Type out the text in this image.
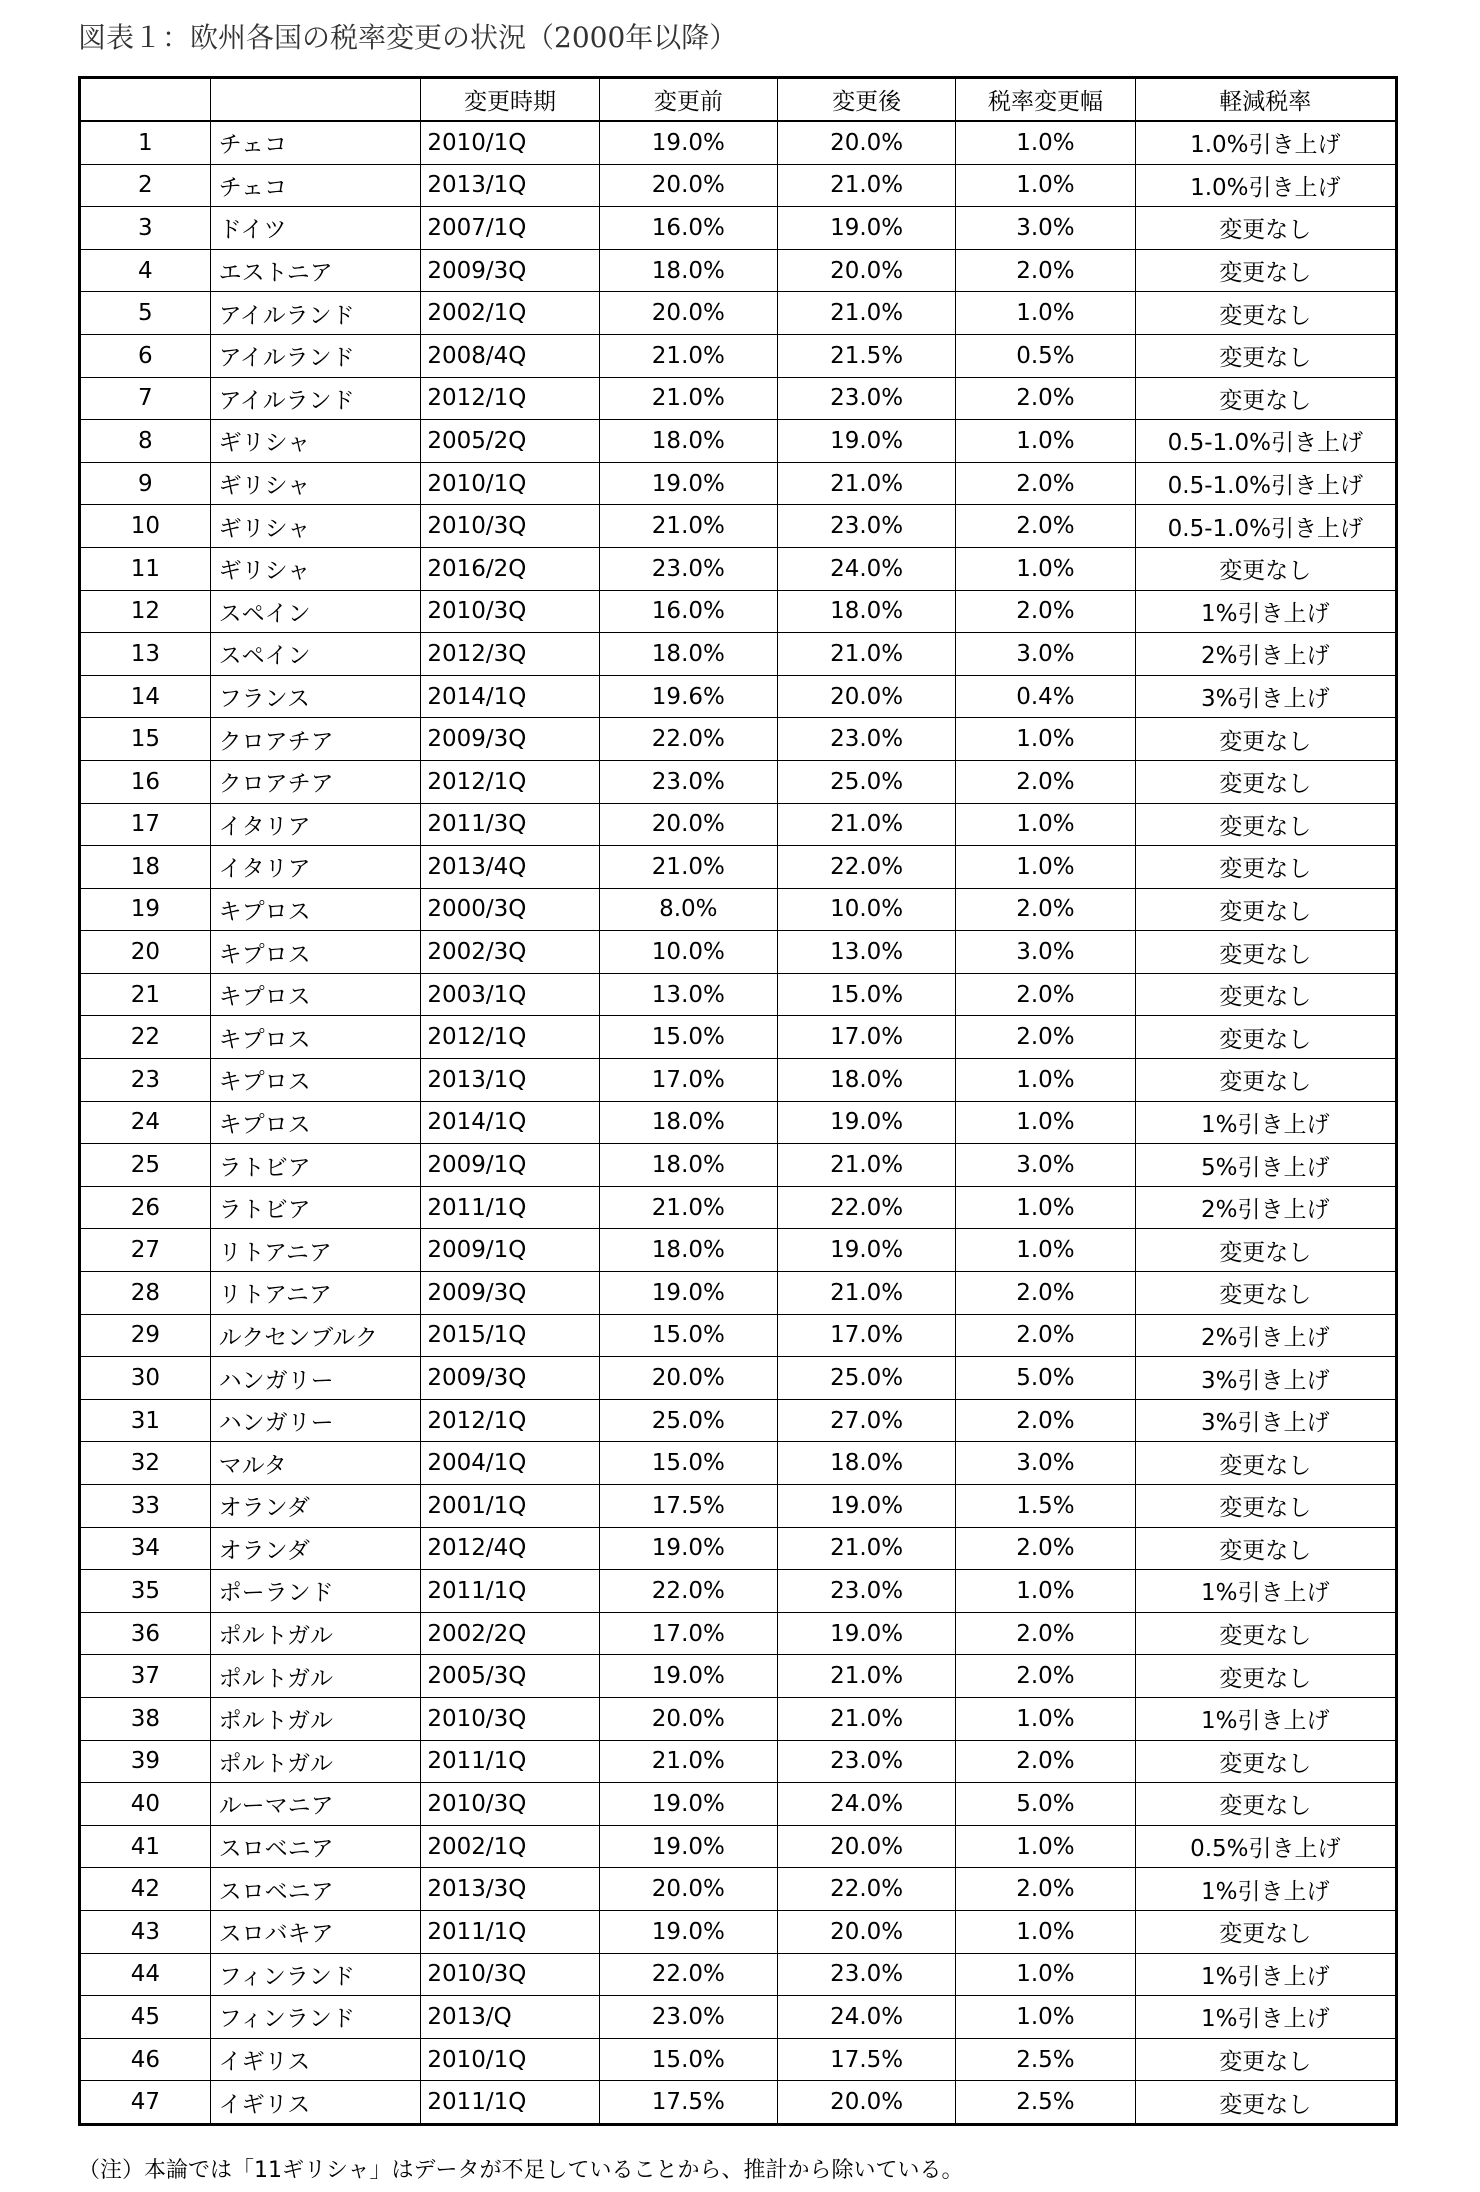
図表１：欧州各国の税率変更の状況（2000年以降）
		変更時期	変更前	変更後	税率変更幅	軽減税率
1	チェコ	2010/1Q	19.0%	20.0%	1.0%	1.0%引き上げ
2	チェコ	2013/1Q	20.0%	21.0%	1.0%	1.0%引き上げ
3	ドイツ	2007/1Q	16.0%	19.0%	3.0%	変更なし
4	エストニア	2009/3Q	18.0%	20.0%	2.0%	変更なし
5	アイルランド	2002/1Q	20.0%	21.0%	1.0%	変更なし
6	アイルランド	2008/4Q	21.0%	21.5%	0.5%	変更なし
7	アイルランド	2012/1Q	21.0%	23.0%	2.0%	変更なし
8	ギリシャ	2005/2Q	18.0%	19.0%	1.0%	0.5-1.0%引き上げ
9	ギリシャ	2010/1Q	19.0%	21.0%	2.0%	0.5-1.0%引き上げ
10	ギリシャ	2010/3Q	21.0%	23.0%	2.0%	0.5-1.0%引き上げ
11	ギリシャ	2016/2Q	23.0%	24.0%	1.0%	変更なし
12	スペイン	2010/3Q	16.0%	18.0%	2.0%	1%引き上げ
13	スペイン	2012/3Q	18.0%	21.0%	3.0%	2%引き上げ
14	フランス	2014/1Q	19.6%	20.0%	0.4%	3%引き上げ
15	クロアチア	2009/3Q	22.0%	23.0%	1.0%	変更なし
16	クロアチア	2012/1Q	23.0%	25.0%	2.0%	変更なし
17	イタリア	2011/3Q	20.0%	21.0%	1.0%	変更なし
18	イタリア	2013/4Q	21.0%	22.0%	1.0%	変更なし
19	キプロス	2000/3Q	8.0%	10.0%	2.0%	変更なし
20	キプロス	2002/3Q	10.0%	13.0%	3.0%	変更なし
21	キプロス	2003/1Q	13.0%	15.0%	2.0%	変更なし
22	キプロス	2012/1Q	15.0%	17.0%	2.0%	変更なし
23	キプロス	2013/1Q	17.0%	18.0%	1.0%	変更なし
24	キプロス	2014/1Q	18.0%	19.0%	1.0%	1%引き上げ
25	ラトビア	2009/1Q	18.0%	21.0%	3.0%	5%引き上げ
26	ラトビア	2011/1Q	21.0%	22.0%	1.0%	2%引き上げ
27	リトアニア	2009/1Q	18.0%	19.0%	1.0%	変更なし
28	リトアニア	2009/3Q	19.0%	21.0%	2.0%	変更なし
29	ルクセンブルク	2015/1Q	15.0%	17.0%	2.0%	2%引き上げ
30	ハンガリー	2009/3Q	20.0%	25.0%	5.0%	3%引き上げ
31	ハンガリー	2012/1Q	25.0%	27.0%	2.0%	3%引き上げ
32	マルタ	2004/1Q	15.0%	18.0%	3.0%	変更なし
33	オランダ	2001/1Q	17.5%	19.0%	1.5%	変更なし
34	オランダ	2012/4Q	19.0%	21.0%	2.0%	変更なし
35	ポーランド	2011/1Q	22.0%	23.0%	1.0%	1%引き上げ
36	ポルトガル	2002/2Q	17.0%	19.0%	2.0%	変更なし
37	ポルトガル	2005/3Q	19.0%	21.0%	2.0%	変更なし
38	ポルトガル	2010/3Q	20.0%	21.0%	1.0%	1%引き上げ
39	ポルトガル	2011/1Q	21.0%	23.0%	2.0%	変更なし
40	ルーマニア	2010/3Q	19.0%	24.0%	5.0%	変更なし
41	スロベニア	2002/1Q	19.0%	20.0%	1.0%	0.5%引き上げ
42	スロベニア	2013/3Q	20.0%	22.0%	2.0%	1%引き上げ
43	スロバキア	2011/1Q	19.0%	20.0%	1.0%	変更なし
44	フィンランド	2010/3Q	22.0%	23.0%	1.0%	1%引き上げ
45	フィンランド	2013/Q	23.0%	24.0%	1.0%	1%引き上げ
46	イギリス	2010/1Q	15.0%	17.5%	2.5%	変更なし
47	イギリス	2011/1Q	17.5%	20.0%	2.5%	変更なし
（注）本論では「11ギリシャ」はデータが不足していることから、推計から除いている。
